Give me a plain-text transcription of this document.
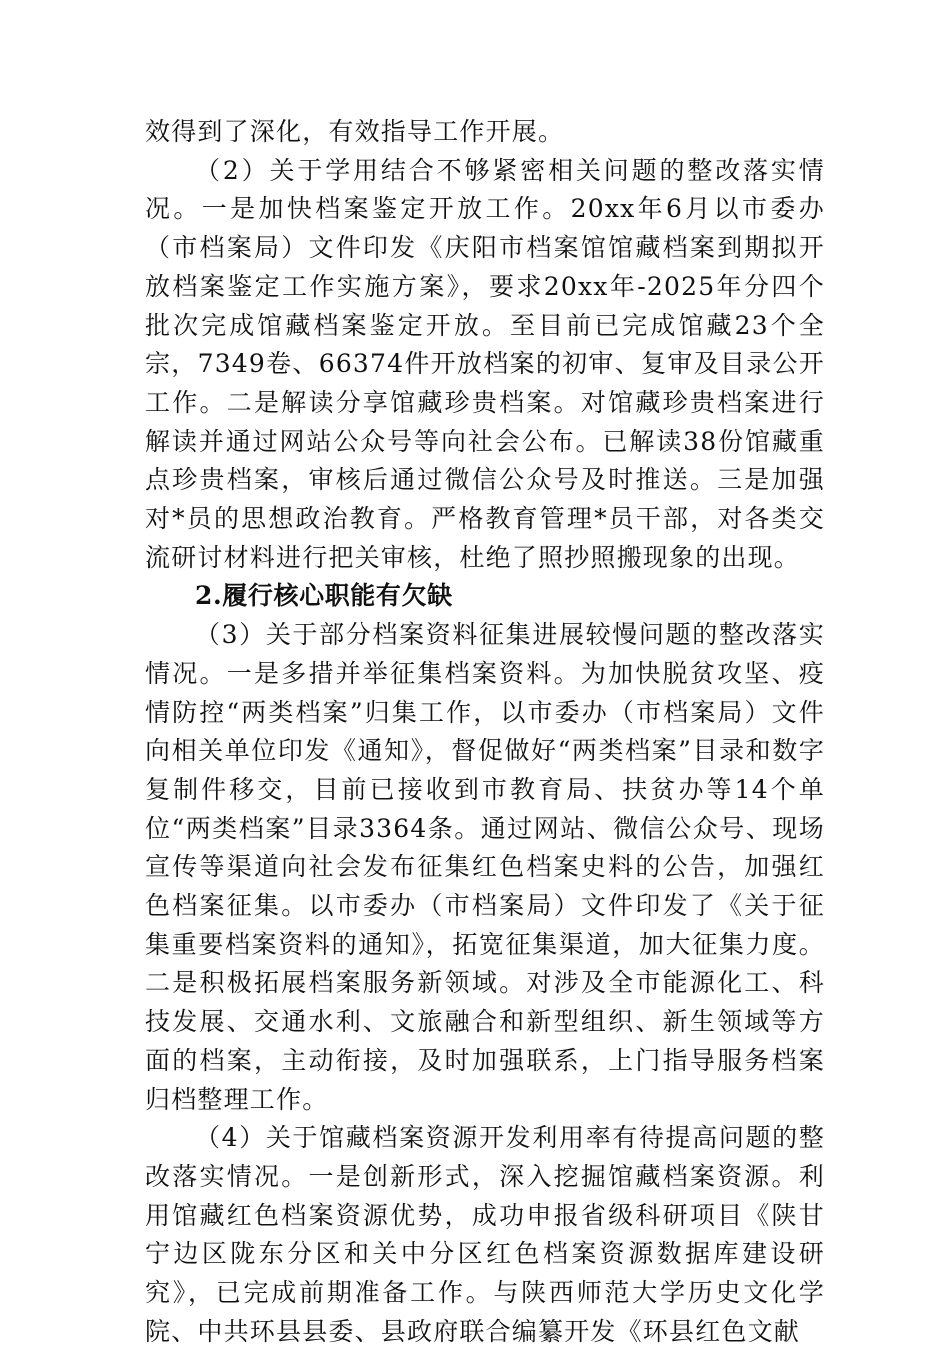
效得到了深化，有效指导工作开展。

（2）关于学用结合不够紧密相关问题的整改落实情况。一是加快档案鉴定开放工作。20xx年6月以市委办（市档案局）文件印发《庆阳市档案馆馆藏档案到期拟开放档案鉴定工作实施方案》，要求20xx年-2025年分四个批次完成馆藏档案鉴定开放。至目前已完成馆藏23个全宗，7349卷、66374件开放档案的初审、复审及目录公开工作。二是解读分享馆藏珍贵档案。对馆藏珍贵档案进行解读并通过网站公众号等向社会公布。已解读38份馆藏重点珍贵档案，审核后通过微信公众号及时推送。三是加强对*员的思想政治教育。严格教育管理*员干部，对各类交流研讨材料进行把关审核，杜绝了照抄照搬现象的出现。

2.履行核心职能有欠缺

（3）关于部分档案资料征集进展较慢问题的整改落实情况。一是多措并举征集档案资料。为加快脱贫攻坚、疫情防控“两类档案”归集工作，以市委办（市档案局）文件向相关单位印发《通知》，督促做好“两类档案”目录和数字复制件移交，目前已接收到市教育局、扶贫办等14个单位“两类档案”目录3364条。通过网站、微信公众号、现场宣传等渠道向社会发布征集红色档案史料的公告，加强红色档案征集。以市委办（市档案局）文件印发了《关于征集重要档案资料的通知》，拓宽征集渠道，加大征集力度。二是积极拓展档案服务新领域。对涉及全市能源化工、科技发展、交通水利、文旅融合和新型组织、新生领域等方面的档案，主动衔接，及时加强联系，上门指导服务档案归档整理工作。

（4）关于馆藏档案资源开发利用率有待提高问题的整改落实情况。一是创新形式，深入挖掘馆藏档案资源。利用馆藏红色档案资源优势，成功申报省级科研项目《陕甘宁边区陇东分区和关中分区红色档案资源数据库建设研究》，已完成前期准备工作。与陕西师范大学历史文化学院、中共环县县委、县政府联合编纂开发《环县红色文献
